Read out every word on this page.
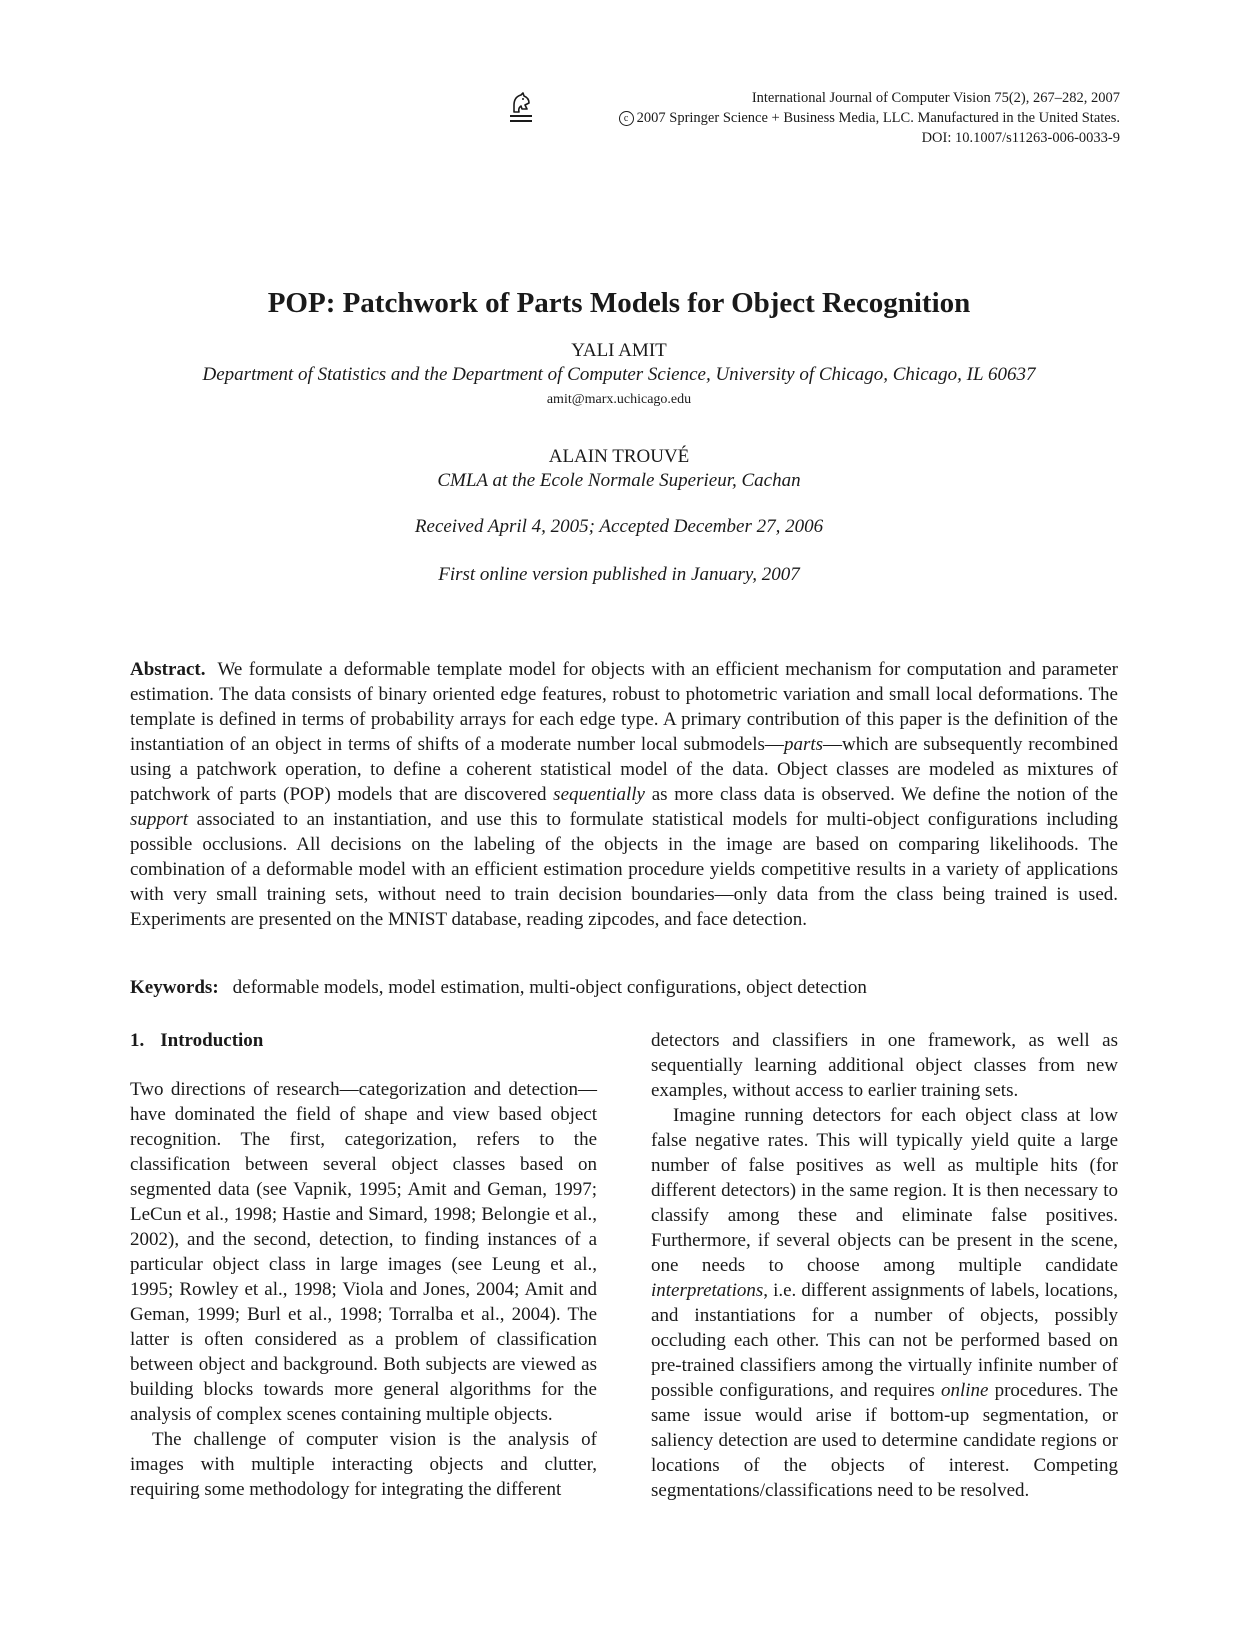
International Journal of Computer Vision 75(2), 267–282, 2007
c 2007 Springer Science + Business Media, LLC. Manufactured in the United States.
DOI: 10.1007/s11263-006-0033-9
POP: Patchwork of Parts Models for Object Recognition
YALI AMIT
Department of Statistics and the Department of Computer Science, University of Chicago, Chicago, IL 60637
amit@marx.uchicago.edu
ALAIN TROUVÉ
CMLA at the Ecole Normale Superieur, Cachan
Received April 4, 2005; Accepted December 27, 2006
First online version published in January, 2007
Abstract. We formulate a deformable template model for objects with an efficient mechanism for computation and parameter estimation. The data consists of binary oriented edge features, robust to photometric variation and small local deformations. The template is defined in terms of probability arrays for each edge type. A primary contribution of this paper is the definition of the instantiation of an object in terms of shifts of a moderate number local submodels—parts—which are subsequently recombined using a patchwork operation, to define a coherent statistical model of the data. Object classes are modeled as mixtures of patchwork of parts (POP) models that are discovered sequentially as more class data is observed. We define the notion of the support associated to an instantiation, and use this to formulate statistical models for multi-object configurations including possible occlusions. All decisions on the labeling of the objects in the image are based on comparing likelihoods. The combination of a deformable model with an efficient estimation procedure yields competitive results in a variety of applications with very small training sets, without need to train decision boundaries—only data from the class being trained is used. Experiments are presented on the MNIST database, reading zipcodes, and face detection.
Keywords: deformable models, model estimation, multi-object configurations, object detection
1. Introduction

Two directions of research—categorization and detection—have dominated the field of shape and view based object recognition. The first, categorization, refers to the classification between several object classes based on segmented data (see Vapnik, 1995; Amit and Geman, 1997; LeCun et al., 1998; Hastie and Simard, 1998; Belongie et al., 2002), and the second, detection, to finding instances of a particular object class in large images (see Leung et al., 1995; Rowley et al., 1998; Viola and Jones, 2004; Amit and Geman, 1999; Burl et al., 1998; Torralba et al., 2004). The latter is often considered as a problem of classification between object and background. Both subjects are viewed as building blocks towards more general algorithms for the analysis of complex scenes containing multiple objects.

The challenge of computer vision is the analysis of images with multiple interacting objects and clutter, requiring some methodology for integrating the different

detectors and classifiers in one framework, as well as sequentially learning additional object classes from new examples, without access to earlier training sets.

Imagine running detectors for each object class at low false negative rates. This will typically yield quite a large number of false positives as well as multiple hits (for different detectors) in the same region. It is then necessary to classify among these and eliminate false positives. Furthermore, if several objects can be present in the scene, one needs to choose among multiple candidate interpretations, i.e. different assignments of labels, locations, and instantiations for a number of objects, possibly occluding each other. This can not be performed based on pre-trained classifiers among the virtually infinite number of possible configurations, and requires online procedures. The same issue would arise if bottom-up segmentation, or saliency detection are used to determine candidate regions or locations of the objects of interest. Competing segmentations/classifications need to be resolved.
